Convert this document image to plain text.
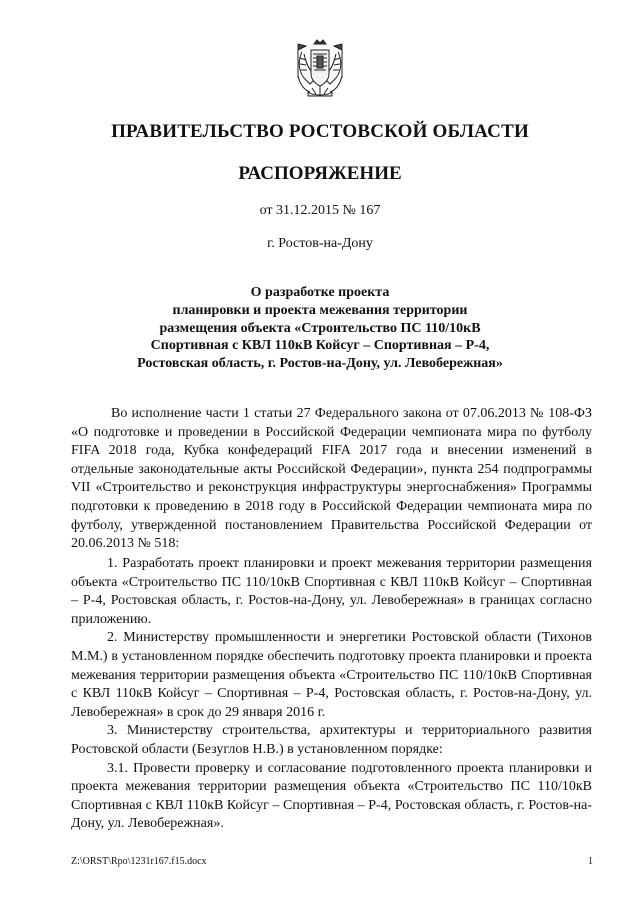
ПРАВИТЕЛЬСТВО РОСТОВСКОЙ ОБЛАСТИ
РАСПОРЯЖЕНИЕ
от 31.12.2015 № 167
г. Ростов-на-Дону
О разработке проекта
планировки и проекта межевания территории
размещения объекта «Строительство ПС 110/10кВ
Спортивная с КВЛ 110кВ Койсуг – Спортивная – Р-4,
Ростовская область, г. Ростов-на-Дону, ул. Левобережная»

Во исполнение части 1 статьи 27 Федерального закона от 07.06.2013 № 108-ФЗ «О подготовке и проведении в Российской Федерации чемпионата мира по футболу FIFA 2018 года, Кубка конфедераций FIFA 2017 года и внесении изменений в отдельные законодательные акты Российской Федерации», пункта 254 подпрограммы VII «Строительство и реконструкция инфраструктуры энергоснабжения» Программы подготовки к проведению в 2018 году в Российской Федерации чемпионата мира по футболу, утвержденной постановлением Правительства Российской Федерации от 20.06.2013 № 518:

1. Разработать проект планировки и проект межевания территории размещения объекта «Строительство ПС 110/10кВ Спортивная с КВЛ 110кВ Койсуг – Спортивная – Р-4, Ростовская область, г. Ростов-на-Дону, ул. Левобережная» в границах согласно приложению.

2. Министерству промышленности и энергетики Ростовской области (Тихонов М.М.) в установленном порядке обеспечить подготовку проекта планировки и проекта межевания территории размещения объекта «Строительство ПС 110/10кВ Спортивная с КВЛ 110кВ Койсуг – Спортивная – Р-4, Ростовская область, г. Ростов-на-Дону, ул. Левобережная» в срок до 29 января 2016 г.

3. Министерству строительства, архитектуры и территориального развития Ростовской области (Безуглов Н.В.) в установленном порядке:

3.1. Провести проверку и согласование подготовленного проекта планировки и проекта межевания территории размещения объекта «Строительство ПС 110/10кВ Спортивная с КВЛ 110кВ Койсуг – Спортивная – Р-4, Ростовская область, г. Ростов-на-Дону, ул. Левобережная».

Z:\ORST\Rpo\1231r167.f15.docx	1
